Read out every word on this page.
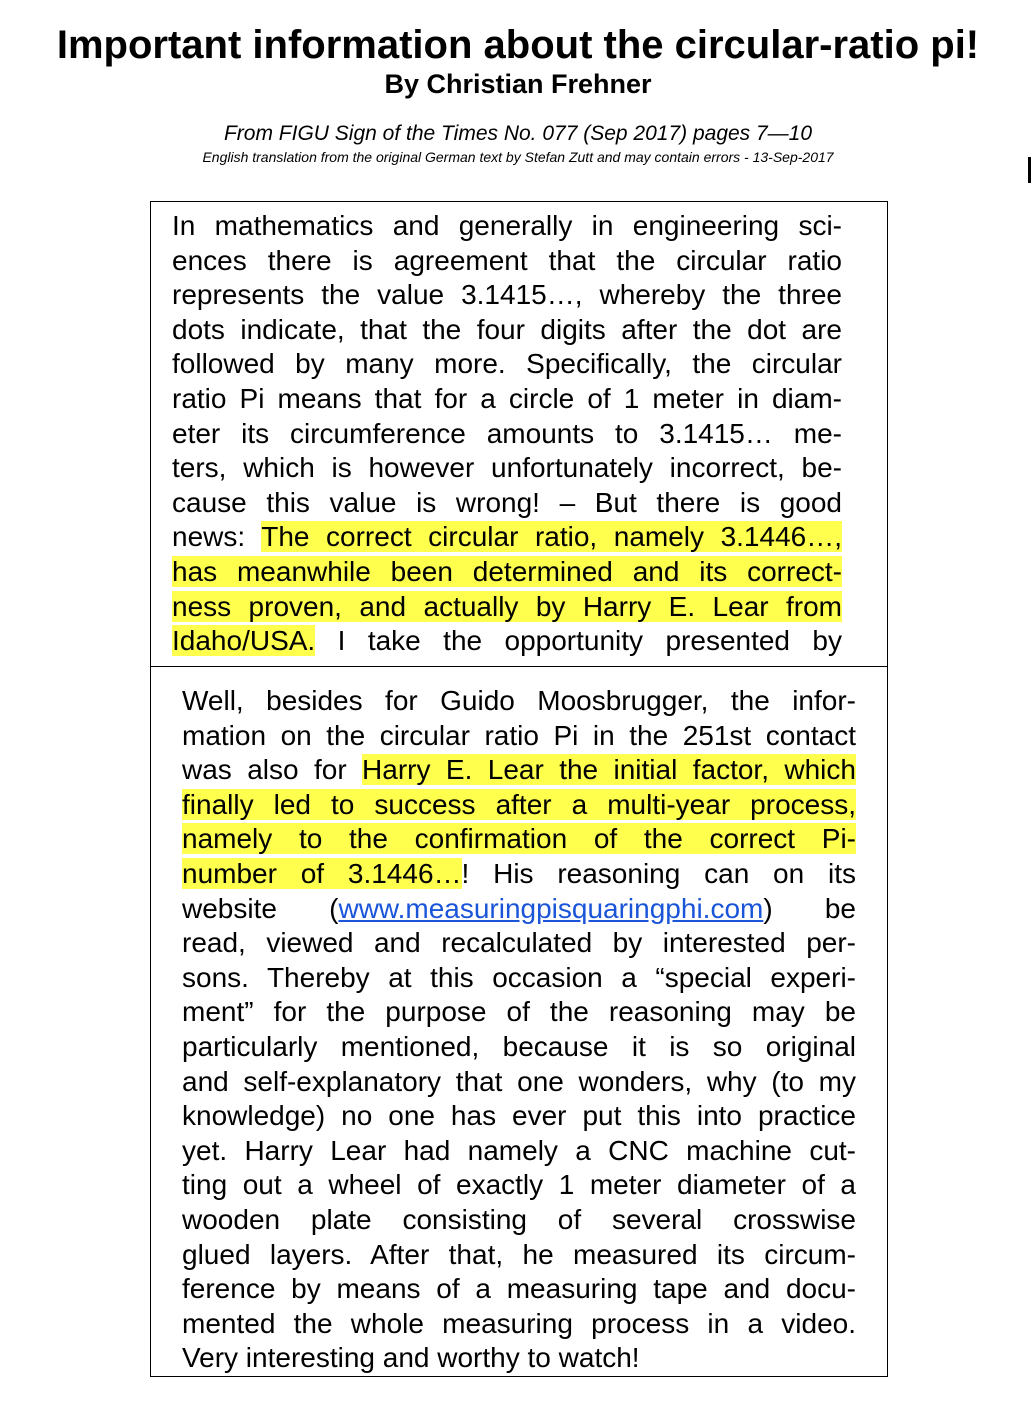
Important information about the circular-ratio pi!
By Christian Frehner
From FIGU Sign of the Times No. 077 (Sep 2017) pages 7—10
English translation from the original German text by Stefan Zutt and may contain errors - 13-Sep-2017
In mathematics and generally in engineering sci-
ences there is agreement that the circular ratio
represents the value 3.1415…, whereby the three
dots indicate, that the four digits after the dot are
followed by many more. Specifically, the circular
ratio Pi means that for a circle of 1 meter in diam-
eter its circumference amounts to 3.1415… me-
ters, which is however unfortunately incorrect, be-
cause this value is wrong! – But there is good
news: The correct circular ratio, namely 3.1446…,
has meanwhile been determined and its correct-
ness proven, and actually by Harry E. Lear from
Idaho/USA. I take the opportunity presented by
Well, besides for Guido Moosbrugger, the infor-
mation on the circular ratio Pi in the 251st contact
was also for Harry E. Lear the initial factor, which
finally led to success after a multi-year process,
namely to the confirmation of the correct Pi-
number of 3.1446…! His reasoning can on its
website (www.measuringpisquaringphi.com) be
read, viewed and recalculated by interested per-
sons. Thereby at this occasion a “special experi-
ment” for the purpose of the reasoning may be
particularly mentioned, because it is so original
and self-explanatory that one wonders, why (to my
knowledge) no one has ever put this into practice
yet. Harry Lear had namely a CNC machine cut-
ting out a wheel of exactly 1 meter diameter of a
wooden plate consisting of several crosswise
glued layers. After that, he measured its circum-
ference by means of a measuring tape and docu-
mented the whole measuring process in a video.
Very interesting and worthy to watch!
